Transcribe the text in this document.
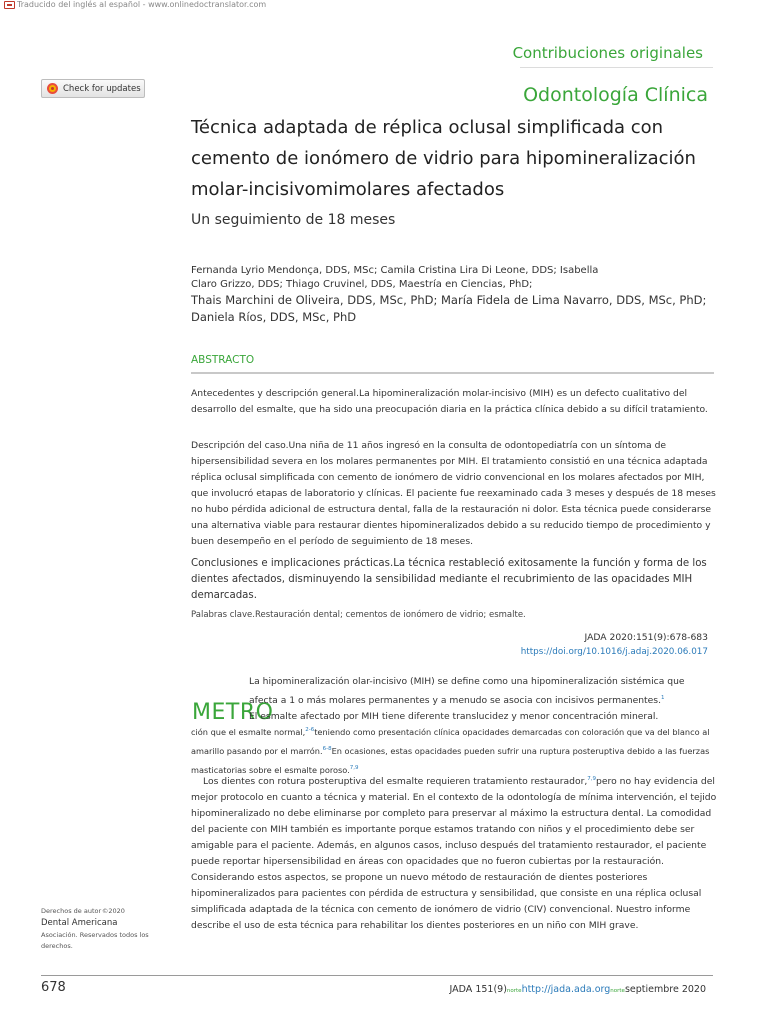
Traducido del inglés al español - www.onlinedoctranslator.com
Contribuciones originales
Check for updates	Odontología Clínica
Técnica adaptada de réplica oclusal simplificada con
cemento de ionómero de vidrio para hipomineralización
molar-incisivomimolares afectados
Un seguimiento de 18 meses
Fernanda Lyrio Mendonça, DDS, MSc; Camila Cristina Lira Di Leone, DDS; Isabella
Claro Grizzo, DDS; Thiago Cruvinel, DDS, Maestría en Ciencias, PhD;
Thais Marchini de Oliveira, DDS, MSc, PhD; María Fidela de Lima Navarro, DDS, MSc, PhD;
Daniela Ríos, DDS, MSc, PhD
ABSTRACTO
Antecedentes y descripción general.La hipomineralización molar-incisivo (MIH) es un defecto cualitativo del desarrollo del esmalte, que ha sido una preocupación diaria en la práctica clínica debido a su difícil tratamiento.
Descripción del caso.Una niña de 11 años ingresó en la consulta de odontopediatría con un síntoma de hipersensibilidad severa en los molares permanentes por MIH. El tratamiento consistió en una técnica adaptada réplica oclusal simplificada con cemento de ionómero de vidrio convencional en los molares afectados por MIH, que involucró etapas de laboratorio y clínicas. El paciente fue reexaminado cada 3 meses y después de 18 meses no hubo pérdida adicional de estructura dental, falla de la restauración ni dolor. Esta técnica puede considerarse una alternativa viable para restaurar dientes hipomineralizados debido a su reducido tiempo de procedimiento y buen desempeño en el período de seguimiento de 18 meses.
Conclusiones e implicaciones prácticas.La técnica restableció exitosamente la función y forma de los dientes afectados, disminuyendo la sensibilidad mediante el recubrimiento de las opacidades MIH demarcadas.
Palabras clave.Restauración dental; cementos de ionómero de vidrio; esmalte.
JADA 2020:151(9):678-683
https://doi.org/10.1016/j.adaj.2020.06.017
METRO
La hipomineralización olar-incisivo (MIH) se define como una hipomineralización sistémica que
afecta a 1 o más molares permanentes y a menudo se asocia con incisivos permanentes.$^1$
El esmalte afectado por MIH tiene diferente translucidez y menor concentración mineral.
ción que el esmalte normal,$^{2-6}$teniendo como presentación clínica opacidades demarcadas con coloración que va del blanco al amarillo pasando por el marrón.$^{6-8}$En ocasiones, estas opacidades pueden sufrir una ruptura posteruptiva debido a las fuerzas masticatorias sobre el esmalte poroso.$^{7,9}$
Los dientes con rotura posteruptiva del esmalte requieren tratamiento restaurador,$^{7,9}$pero no hay evidencia del mejor protocolo en cuanto a técnica y material. En el contexto de la odontología de mínima intervención, el tejido hipomineralizado no debe eliminarse por completo para preservar al máximo la estructura dental. La comodidad del paciente con MIH también es importante porque estamos tratando con niños y el procedimiento debe ser amigable para el paciente. Además, en algunos casos, incluso después del tratamiento restaurador, el paciente puede reportar hipersensibilidad en áreas con opacidades que no fueron cubiertas por la restauración. Considerando estos aspectos, se propone un nuevo método de restauración de dientes posteriores hipomineralizados para pacientes con pérdida de estructura y sensibilidad, que consiste en una réplica oclusal simplificada adaptada de la técnica con cemento de ionómero de vidrio (CIV) convencional. Nuestro informe describe el uso de esta técnica para rehabilitar los dientes posteriores en un niño con MIH grave.
Derechos de autor ©2020
Dental Americana
Asociación. Reservados todos los derechos.
678	JADA 151(9)nortehttp://jada.ada.orgnorteseptiembre 2020
